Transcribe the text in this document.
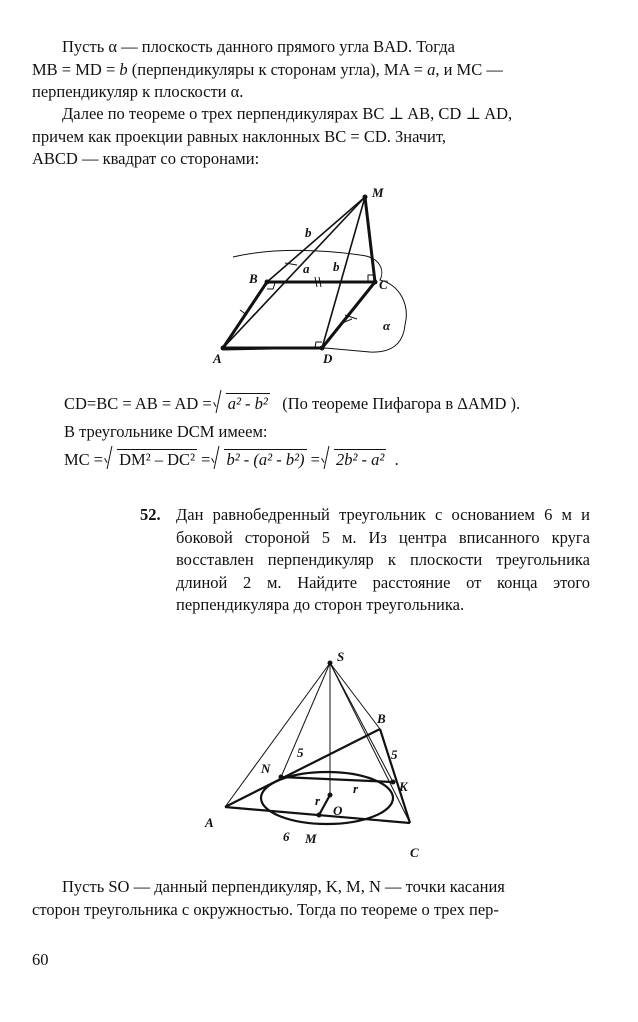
Пусть α — плоскость данного прямого угла BAD. Тогда
MB = MD = b (перпендикуляры к сторонам угла), MA = a, и MC —
перпендикуляр к плоскости α.
Далее по теореме о трех перпендикулярах BC ⊥ AB, CD ⊥ AD,
причем как проекции равных наклонных BC = CD. Значит,
ABCD — квадрат со сторонами:
M
B	C
A	D
a
b
b
α
CD=BC = AB = AD = a² - b² (По теореме Пифагора в ΔAMD ).
В треугольнике DCM имеем:
MC = DM² – DC² = b² - (a² - b²) = 2b² - a² .
52. Дан равнобедренный треугольник с основанием 6 м и боковой стороной 5 м. Из центра вписанного круга восставлен перпендикуляр к плоскости треугольника длиной 2 м. Найдите расстояние от конца этого перпендикуляра до сторон треугольника.
S
B
N
K
A
C
M
O
r
r
5	5
6
Пусть SO — данный перпендикуляр, K, M, N — точки касания
сторон треугольника с окружностью. Тогда по теореме о трех пер-
60
